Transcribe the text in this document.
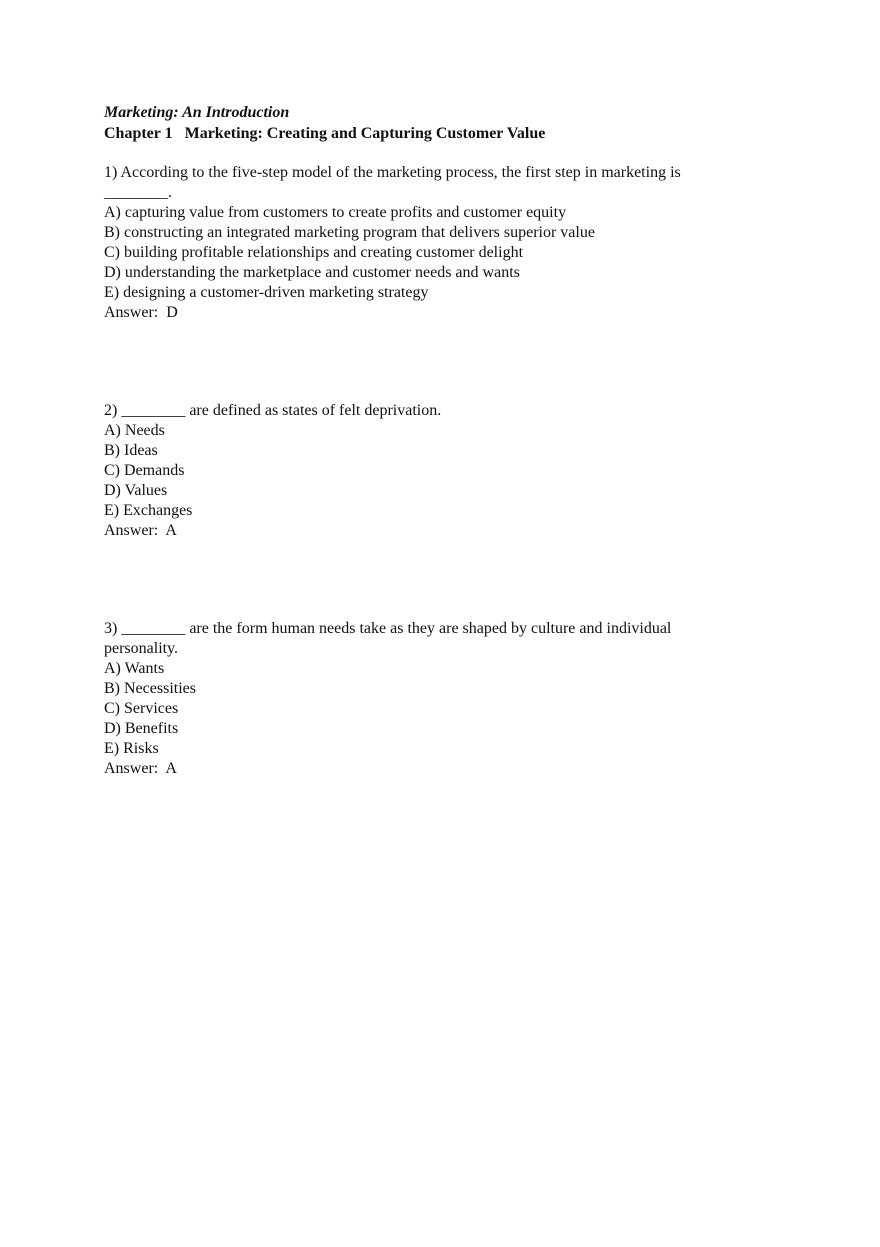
Marketing: An Introduction

Chapter 1   Marketing: Creating and Capturing Customer Value

1) According to the five-step model of the marketing process, the first step in marketing is ________.

A) capturing value from customers to create profits and customer equity
B) constructing an integrated marketing program that delivers superior value
C) building profitable relationships and creating customer delight
D) understanding the marketplace and customer needs and wants
E) designing a customer-driven marketing strategy

Answer:  D

2) ________ are defined as states of felt deprivation.

A) Needs
B) Ideas
C) Demands
D) Values
E) Exchanges

Answer:  A

3) ________ are the form human needs take as they are shaped by culture and individual personality.

A) Wants
B) Necessities
C) Services
D) Benefits
E) Risks

Answer:  A
